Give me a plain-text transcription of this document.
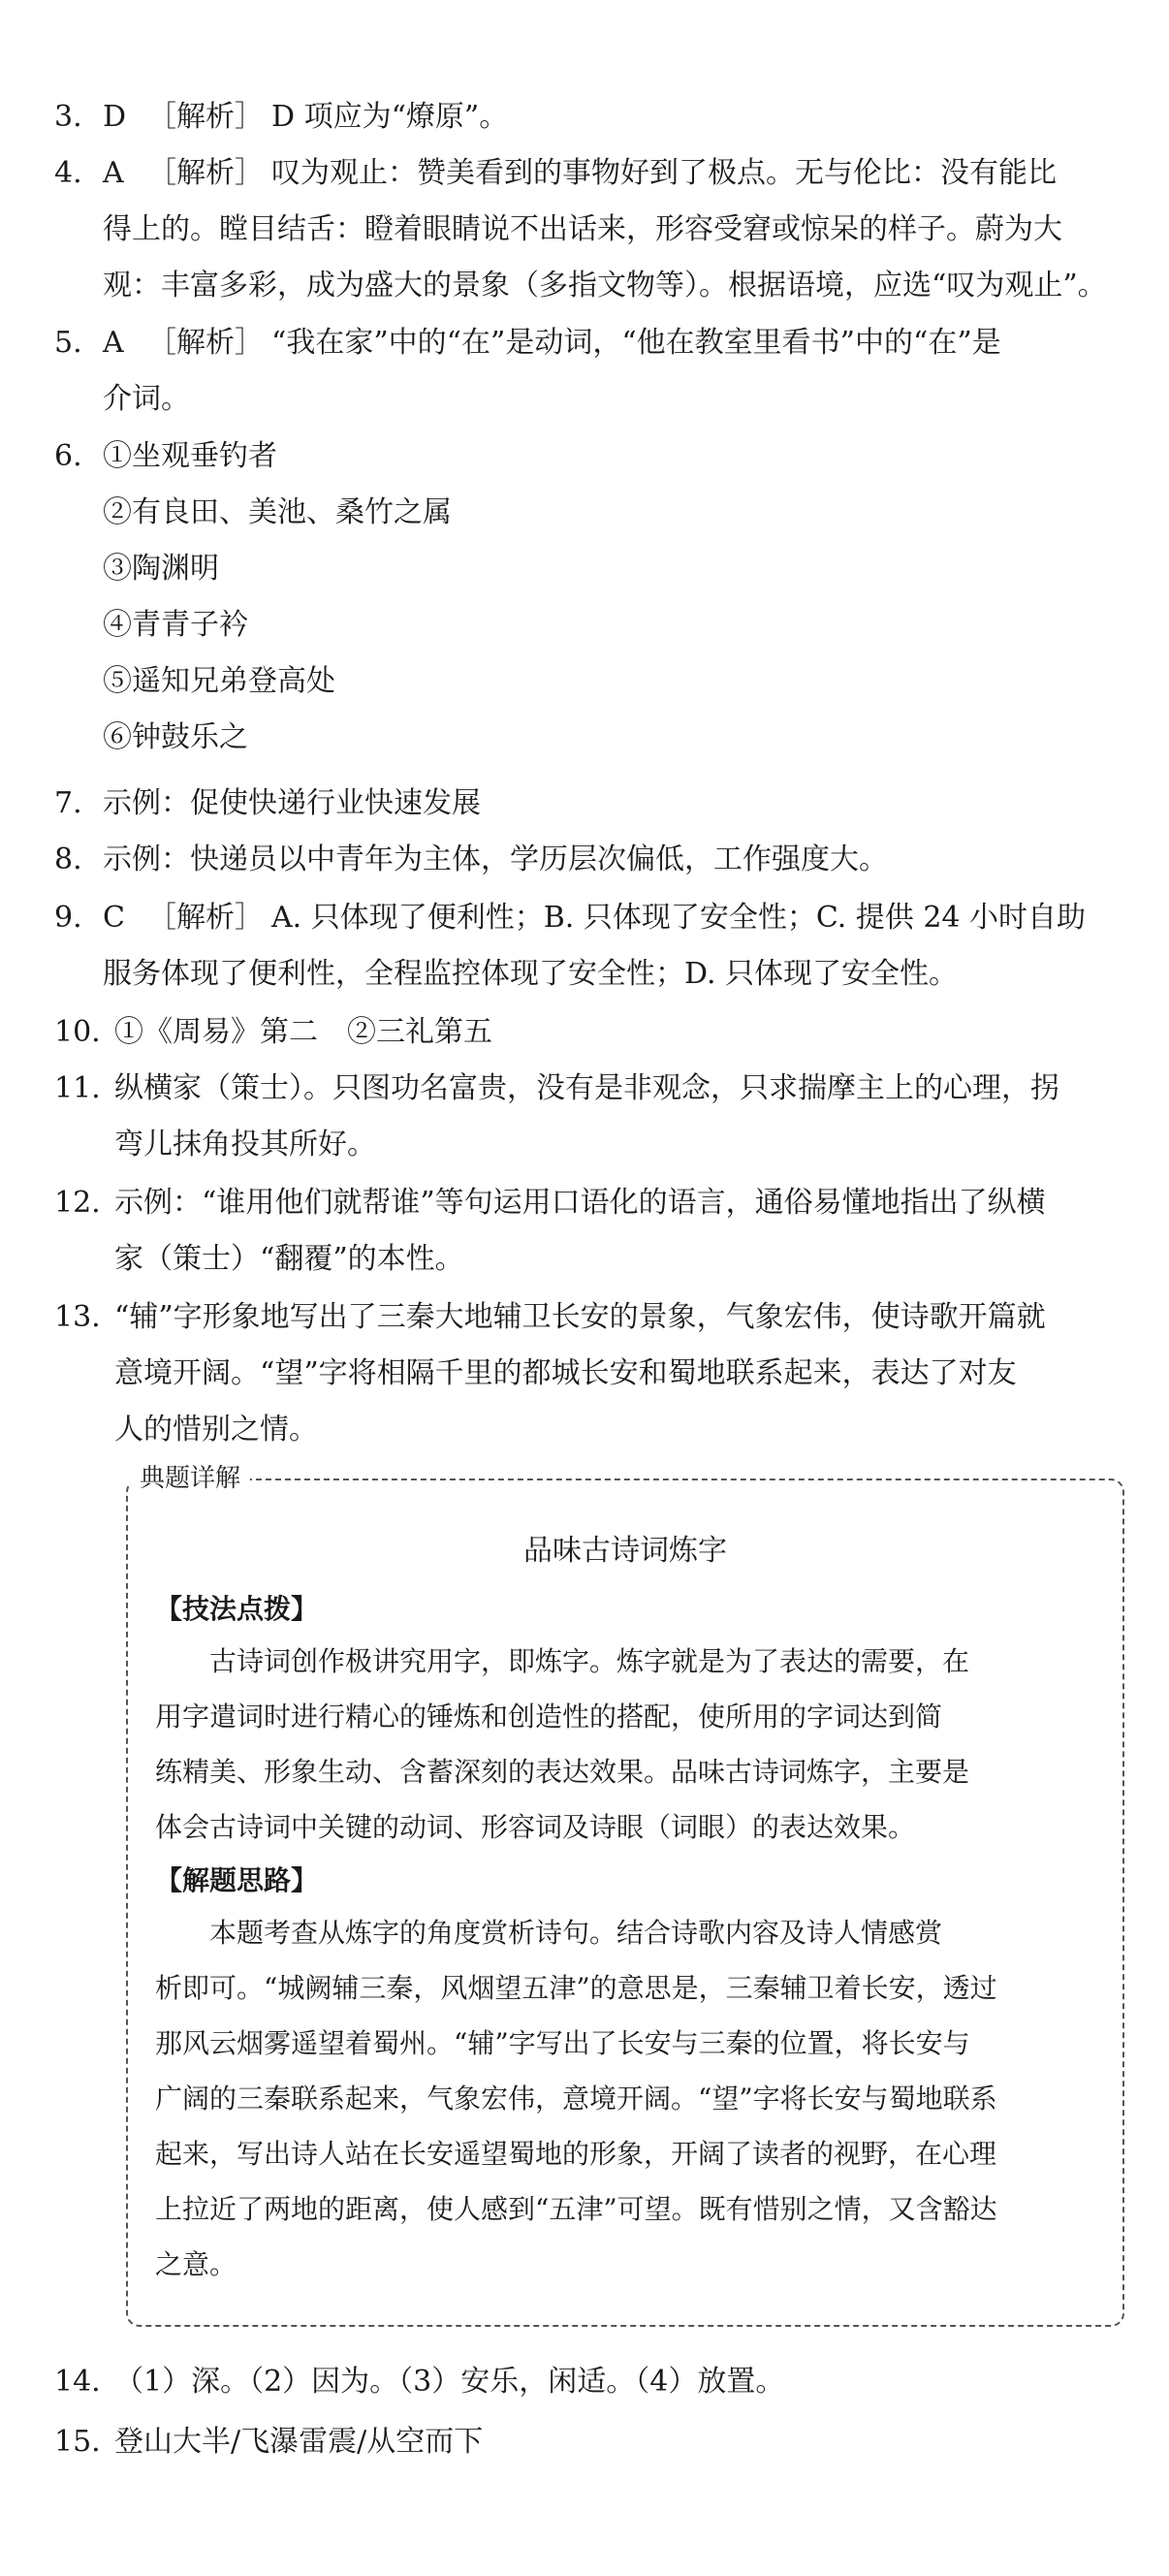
3. D ［解析］ D 项应为“燎原”。
4. A ［解析］ 叹为观止：赞美看到的事物好到了极点。无与伦比：没有能比
得上的。瞠目结舌：瞪着眼睛说不出话来，形容受窘或惊呆的样子。蔚为大
观：丰富多彩，成为盛大的景象（多指文物等）。根据语境，应选“叹为观止”。
5. A ［解析］ “我在家”中的“在”是动词，“他在教室里看书”中的“在”是
介词。
6. ①坐观垂钓者
②有良田、美池、桑竹之属
③陶渊明
④青青子衿
⑤遥知兄弟登高处
⑥钟鼓乐之
7. 示例：促使快递行业快速发展
8. 示例：快递员以中青年为主体，学历层次偏低，工作强度大。
9. C ［解析］ A. 只体现了便利性；B. 只体现了安全性；C. 提供 24 小时自助
服务体现了便利性，全程监控体现了安全性；D. 只体现了安全性。
10. ①《周易》第二　②三礼第五
11. 纵横家（策士）。只图功名富贵，没有是非观念，只求揣摩主上的心理，拐
弯儿抹角投其所好。
12. 示例：“谁用他们就帮谁”等句运用口语化的语言，通俗易懂地指出了纵横
家（策士）“翻覆”的本性。
13. “辅”字形象地写出了三秦大地辅卫长安的景象，气象宏伟，使诗歌开篇就
意境开阔。“望”字将相隔千里的都城长安和蜀地联系起来，表达了对友
人的惜别之情。
典题详解
品味古诗词炼字
【技法点拨】
　　古诗词创作极讲究用字，即炼字。炼字就是为了表达的需要，在
用字遣词时进行精心的锤炼和创造性的搭配，使所用的字词达到简
练精美、形象生动、含蓄深刻的表达效果。品味古诗词炼字，主要是
体会古诗词中关键的动词、形容词及诗眼（词眼）的表达效果。
【解题思路】
　　本题考查从炼字的角度赏析诗句。结合诗歌内容及诗人情感赏
析即可。“城阙辅三秦，风烟望五津”的意思是，三秦辅卫着长安，透过
那风云烟雾遥望着蜀州。“辅”字写出了长安与三秦的位置，将长安与
广阔的三秦联系起来，气象宏伟，意境开阔。“望”字将长安与蜀地联系
起来，写出诗人站在长安遥望蜀地的形象，开阔了读者的视野，在心理
上拉近了两地的距离，使人感到“五津”可望。既有惜别之情，又含豁达
之意。
14. （1）深。（2）因为。（3）安乐，闲适。（4）放置。
15. 登山大半/飞瀑雷震/从空而下
